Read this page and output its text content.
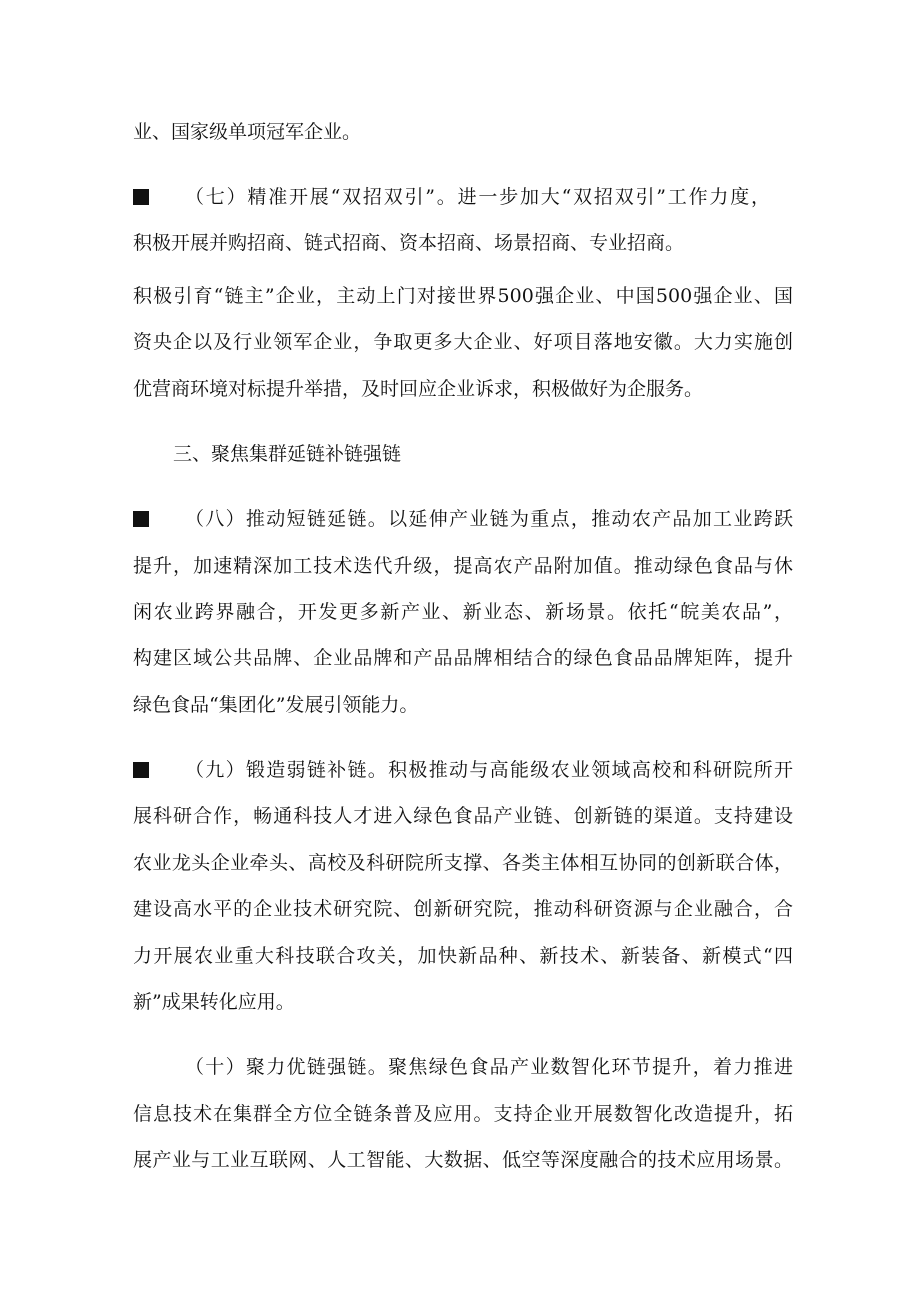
业、国家级单项冠军企业。
（七）精准开展“双招双引”。进一步加大“双招双引”工作力度，
积极开展并购招商、链式招商、资本招商、场景招商、专业招商。
积极引育“链主”企业，主动上门对接世界500强企业、中国500强企业、国
资央企以及行业领军企业，争取更多大企业、好项目落地安徽。大力实施创
优营商环境对标提升举措，及时回应企业诉求，积极做好为企服务。
三、聚焦集群延链补链强链
（八）推动短链延链。以延伸产业链为重点，推动农产品加工业跨跃
提升，加速精深加工技术迭代升级，提高农产品附加值。推动绿色食品与休
闲农业跨界融合，开发更多新产业、新业态、新场景。依托“皖美农品”，
构建区域公共品牌、企业品牌和产品品牌相结合的绿色食品品牌矩阵，提升
绿色食品“集团化”发展引领能力。
（九）锻造弱链补链。积极推动与高能级农业领域高校和科研院所开
展科研合作，畅通科技人才进入绿色食品产业链、创新链的渠道。支持建设
农业龙头企业牵头、高校及科研院所支撑、各类主体相互协同的创新联合体，
建设高水平的企业技术研究院、创新研究院，推动科研资源与企业融合，合
力开展农业重大科技联合攻关，加快新品种、新技术、新装备、新模式“四
新”成果转化应用。
（十）聚力优链强链。聚焦绿色食品产业数智化环节提升，着力推进
信息技术在集群全方位全链条普及应用。支持企业开展数智化改造提升，拓
展产业与工业互联网、人工智能、大数据、低空等深度融合的技术应用场景。
